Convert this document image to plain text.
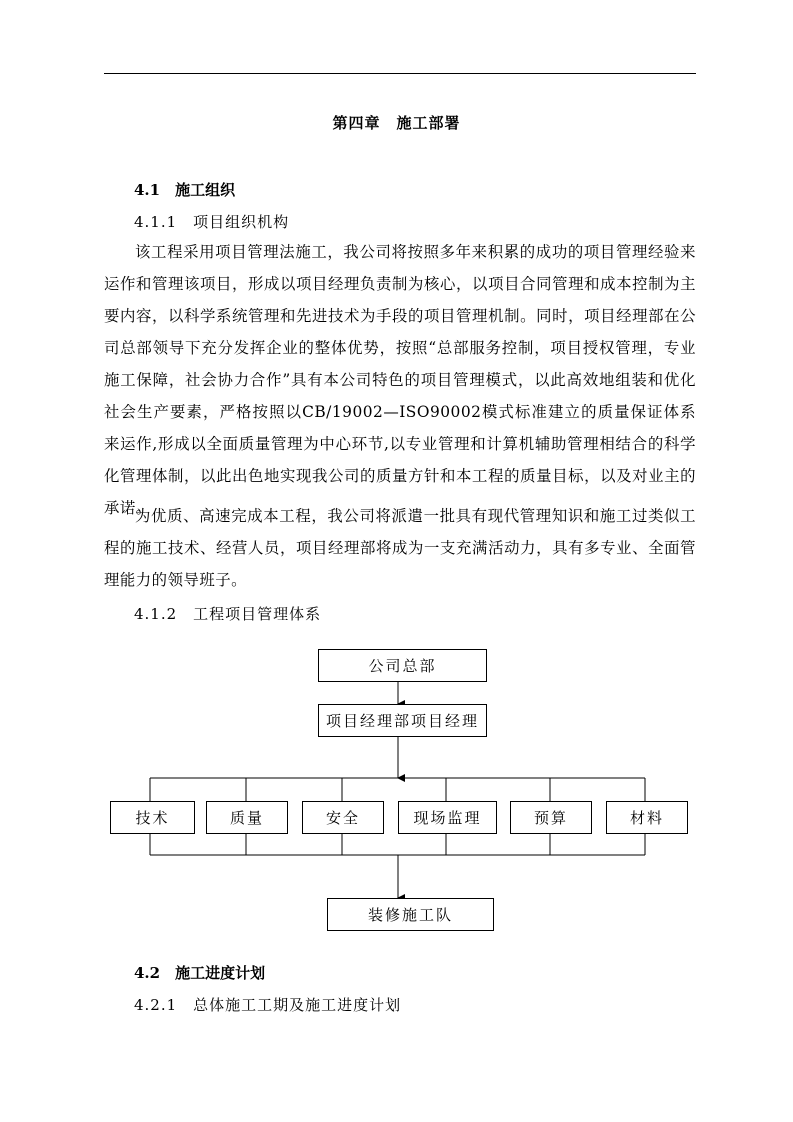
第四章　施工部署
4.1　施工组织
4.1.1　项目组织机构
该工程采用项目管理法施工，我公司将按照多年来积累的成功的项目管理经验来运作和管理该项目，形成以项目经理负责制为核心，以项目合同管理和成本控制为主要内容，以科学系统管理和先进技术为手段的项目管理机制。同时，项目经理部在公司总部领导下充分发挥企业的整体优势，按照“总部服务控制，项目授权管理，专业施工保障，社会协力合作”具有本公司特色的项目管理模式，以此高效地组装和优化社会生产要素，严格按照以CB/19002—ISO90002模式标准建立的质量保证体系来运作,形成以全面质量管理为中心环节,以专业管理和计算机辅助管理相结合的科学化管理体制，以此出色地实现我公司的质量方针和本工程的质量目标，以及对业主的承诺。
为优质、高速完成本工程，我公司将派遣一批具有现代管理知识和施工过类似工程的施工技术、经营人员，项目经理部将成为一支充满活动力，具有多专业、全面管理能力的领导班子。
4.1.2　工程项目管理体系
公司总部
项目经理部项目经理
技术	质量	安全	现场监理	预算	材料
装修施工队
4.2　施工进度计划
4.2.1　总体施工工期及施工进度计划
